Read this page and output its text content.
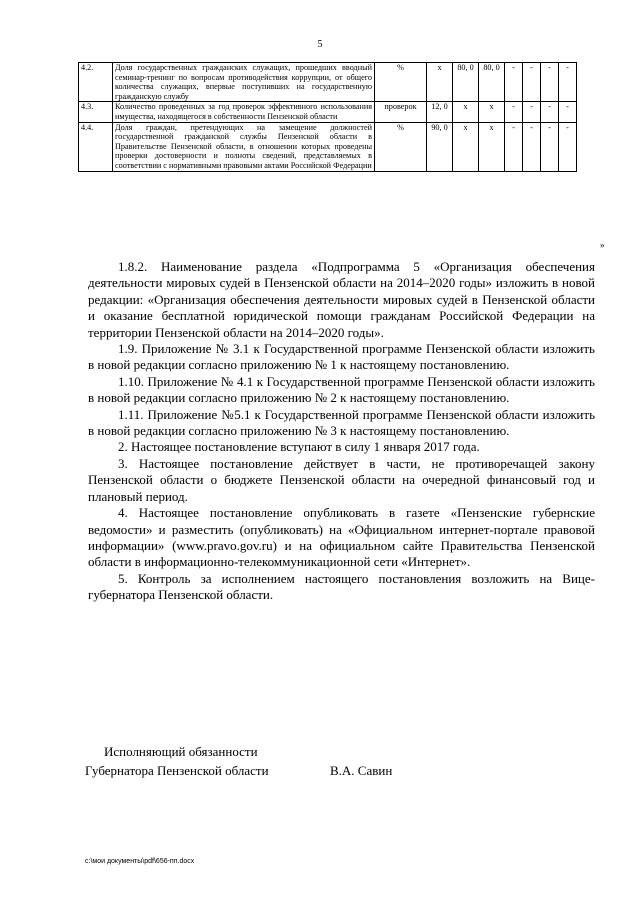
5
4.2.	Доля государственных гражданских служащих, прошедших вводный семинар-тренинг по вопросам противодействия коррупции, от общего количества служащих, впервые поступивших на государственную гражданскую службу	%	х	80, 0	80, 0	-	-	-	-
4.3.	Количество проведенных за год проверок эффективного использования имущества, находящегося в собственности Пензенской области	проверок	12, 0	х	х	-	-	-	-
4.4.	Доля граждан, претендующих на замещение должностей государственной гражданской службы Пензенской области в Правительстве Пензенской области, в отношении которых проведены проверки достоверности и полноты сведений, представляемых в соответствии с нормативными правовыми актами Российской Федерации	%	90, 0	х	х	-	-	-	-
»

1.8.2. Наименование раздела «Подпрограмма 5 «Организация обеспечения деятельности мировых судей в Пензенской области на 2014–2020 годы» изложить в новой редакции: «Организация обеспечения деятельности мировых судей в Пензенской области и оказание бесплатной юридической помощи гражданам Российской Федерации на территории Пензенской области на 2014–2020 годы».

1.9. Приложение № 3.1 к Государственной программе Пензенской области изложить в новой редакции согласно приложению № 1 к настоящему постановлению.

1.10. Приложение № 4.1 к Государственной программе Пензенской области изложить в новой редакции согласно приложению № 2 к настоящему постановлению.

1.11. Приложение №5.1 к Государственной программе Пензенской области изложить в новой редакции согласно приложению № 3 к настоящему постановлению.

2. Настоящее постановление вступают в силу 1 января 2017 года.

3. Настоящее постановление действует в части, не противоречащей закону Пензенской области о бюджете Пензенской области на очередной финансовый год и плановый период.

4. Настоящее постановление опубликовать в газете «Пензенские губернские ведомости» и разместить (опубликовать) на «Официальном интернет-портале правовой информации» (www.pravo.gov.ru) и на официальном сайте Правительства Пензенской области в информационно-телекоммуникационной сети «Интернет».

5. Контроль за исполнением настоящего постановления возложить на Вице-губернатора Пензенской области.

Исполняющий обязанности
Губернатора Пензенской области	В.А. Савин
c:\мои документы\pdf\656-пп.docx
